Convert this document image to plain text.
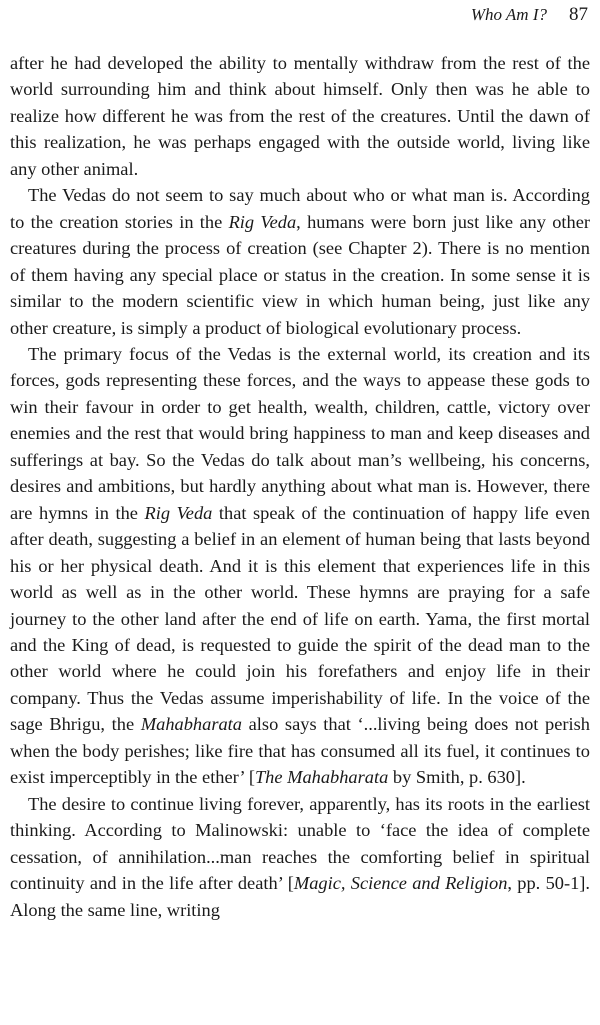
Who Am I? 87

after he had developed the ability to mentally withdraw from the rest of the world surrounding him and think about himself. Only then was he able to realize how different he was from the rest of the creatures. Until the dawn of this realization, he was perhaps engaged with the outside world, living like any other animal.

The Vedas do not seem to say much about who or what man is. According to the creation stories in the Rig Veda, humans were born just like any other creatures during the process of creation (see Chapter 2). There is no mention of them having any special place or status in the creation. In some sense it is similar to the modern scientific view in which human being, just like any other creature, is simply a product of biological evolutionary process.

The primary focus of the Vedas is the external world, its creation and its forces, gods representing these forces, and the ways to appease these gods to win their favour in order to get health, wealth, children, cattle, victory over enemies and the rest that would bring happiness to man and keep diseases and sufferings at bay. So the Vedas do talk about man’s wellbeing, his concerns, desires and ambitions, but hardly anything about what man is. However, there are hymns in the Rig Veda that speak of the continuation of happy life even after death, suggesting a belief in an element of human being that lasts beyond his or her physical death. And it is this element that experiences life in this world as well as in the other world. These hymns are praying for a safe journey to the other land after the end of life on earth. Yama, the first mortal and the King of dead, is requested to guide the spirit of the dead man to the other world where he could join his forefathers and enjoy life in their company. Thus the Vedas assume imperishability of life. In the voice of the sage Bhrigu, the Mahabharata also says that ‘...living being does not perish when the body perishes; like fire that has consumed all its fuel, it continues to exist imperceptibly in the ether’ [The Mahabharata by Smith, p. 630].

The desire to continue living forever, apparently, has its roots in the earliest thinking. According to Malinowski: unable to ‘face the idea of complete cessation, of annihilation...man reaches the comforting belief in spiritual continuity and in the life after death’ [Magic, Science and Religion, pp. 50-1]. Along the same line, writing
